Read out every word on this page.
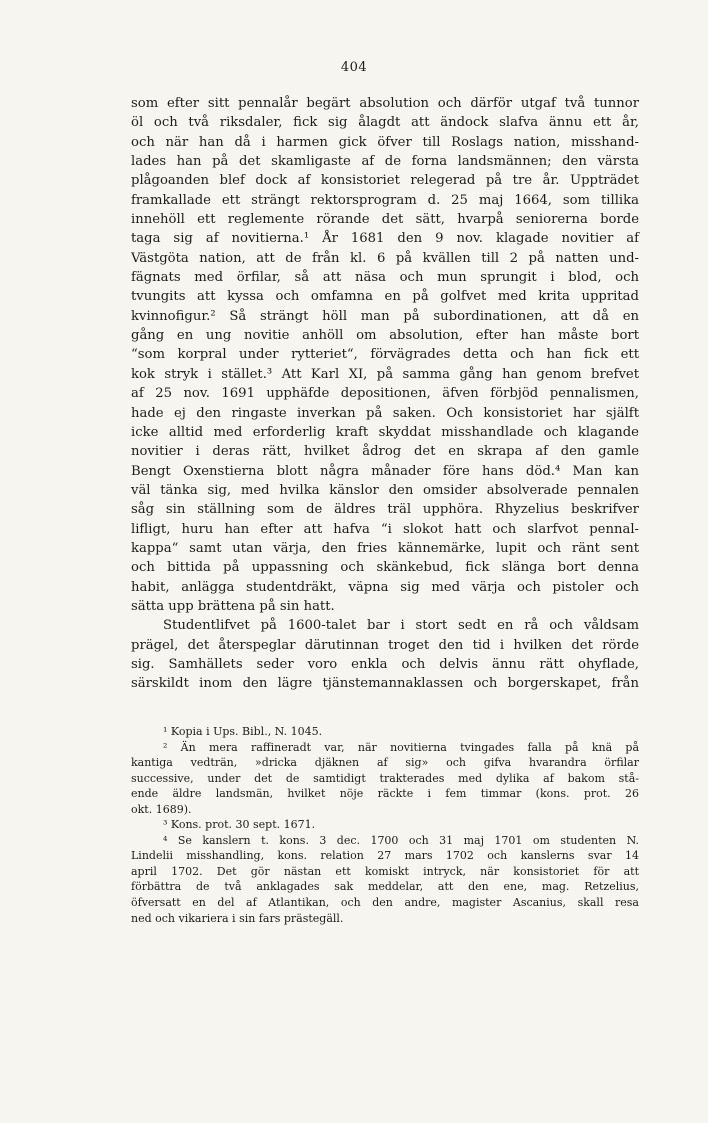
404
som efter sitt pennalår begärt absolution och därför utgaf två tunnor
öl och två riksdaler, fick sig ålagdt att ändock slafva ännu ett år,
och när han då i harmen gick öfver till Roslags nation, misshand-
lades han på det skamligaste af de forna landsmännen; den värsta
plågoanden blef dock af konsistoriet relegerad på tre år. Uppträdet
framkallade ett strängt rektorsprogram d. 25 maj 1664, som tillika
innehöll ett reglemente rörande det sätt, hvarpå seniorerna borde
taga sig af novitierna.¹ År 1681 den 9 nov. klagade novitier af
Västgöta nation, att de från kl. 6 på kvällen till 2 på natten und-
fägnats med örfilar, så att näsa och mun sprungit i blod, och
tvungits att kyssa och omfamna en på golfvet med krita uppritad
kvinnofigur.² Så strängt höll man på subordinationen, att då en
gång en ung novitie anhöll om absolution, efter han måste bort
“som korpral under rytteriet“, förvägrades detta och han fick ett
kok stryk i stället.³ Att Karl XI, på samma gång han genom brefvet
af 25 nov. 1691 upphäfde depositionen, äfven förbjöd pennalismen,
hade ej den ringaste inverkan på saken. Och konsistoriet har själft
icke alltid med erforderlig kraft skyddat misshandlade och klagande
novitier i deras rätt, hvilket ådrog det en skrapa af den gamle
Bengt Oxenstierna blott några månader före hans död.⁴ Man kan
väl tänka sig, med hvilka känslor den omsider absolverade pennalen
såg sin ställning som de äldres träl upphöra. Rhyzelius beskrifver
lifligt, huru han efter att hafva “i slokot hatt och slarfvot pennal-
kappa“ samt utan värja, den fries kännemärke, lupit och ränt sent
och bittida på uppassning och skänkebud, fick slänga bort denna
habit, anlägga studentdräkt, väpna sig med värja och pistoler och
sätta upp brättena på sin hatt.
Studentlifvet på 1600-talet bar i stort sedt en rå och våldsam
prägel, det återspeglar därutinnan troget den tid i hvilken det rörde
sig. Samhällets seder voro enkla och delvis ännu rätt ohyflade,
särskildt inom den lägre tjänstemannaklassen och borgerskapet, från
¹ Kopia i Ups. Bibl., N. 1045.
² Än mera raffineradt var, när novitierna tvingades falla på knä på
kantiga vedträn, »dricka djäknen af sig» och gifva hvarandra örfilar
successive, under det de samtidigt trakterades med dylika af bakom stå-
ende äldre landsmän, hvilket nöje räckte i fem timmar (kons. prot. 26
okt. 1689).
³ Kons. prot. 30 sept. 1671.
⁴ Se kanslern t. kons. 3 dec. 1700 och 31 maj 1701 om studenten N.
Lindelii misshandling, kons. relation 27 mars 1702 och kanslerns svar 14
april 1702. Det gör nästan ett komiskt intryck, när konsistoriet för att
förbättra de två anklagades sak meddelar, att den ene, mag. Retzelius,
öfversatt en del af Atlantikan, och den andre, magister Ascanius, skall resa
ned och vikariera i sin fars prästegäll.
